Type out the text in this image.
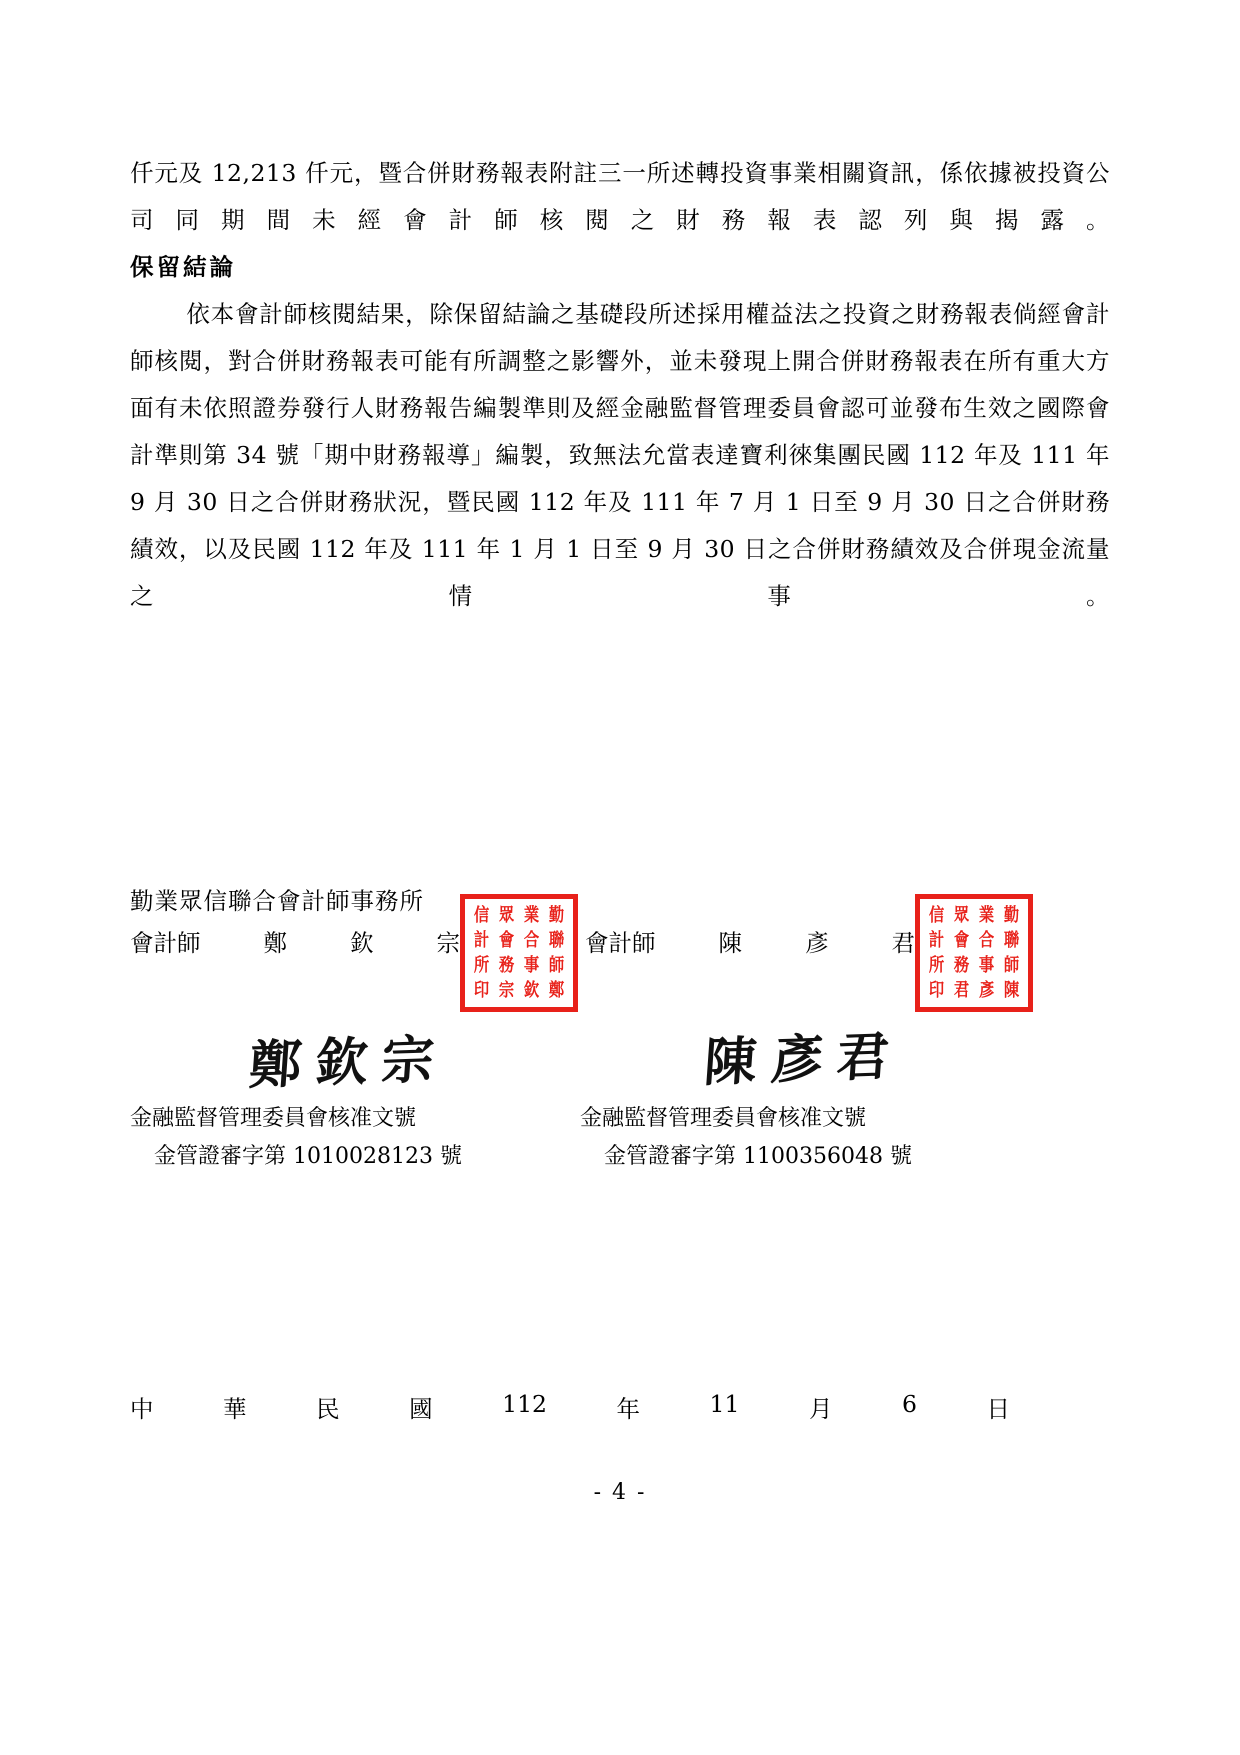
仟元及 12,213 仟元，暨合併財務報表附註三一所述轉投資事業相關資訊，係依據被投資公司同期間未經會計師核閱之財務報表認列與揭露。

保留結論

依本會計師核閱結果，除保留結論之基礎段所述採用權益法之投資之財務報表倘經會計師核閱，對合併財務報表可能有所調整之影響外，並未發現上開合併財務報表在所有重大方面有未依照證券發行人財務報告編製準則及經金融監督管理委員會認可並發布生效之國際會計準則第 34 號「期中財務報導」編製，致無法允當表達寶利徠集團民國 112 年及 111 年 9 月 30 日之合併財務狀況，暨民國 112 年及 111 年 7 月 1 日至 9 月 30 日之合併財務績效，以及民國 112 年及 111 年 1 月 1 日至 9 月 30 日之合併財務績效及合併現金流量之情事。

勤業眾信聯合會計師事務所
會計師	鄭	欽	宗
信 眾 業 勤
計 會 合 聯
所 務 事 師
印 宗 欽 鄭
會計師	陳	彥	君
信 眾 業 勤
計 會 合 聯
所 務 事 師
印 君 彥 陳
鄭欽宗	陳彥君
金融監督管理委員會核准文號
金管證審字第 1010028123 號
金融監督管理委員會核准文號
金管證審字第 1100356048 號
中	華	民	國	112	年	11	月	6	日
- 4 -
